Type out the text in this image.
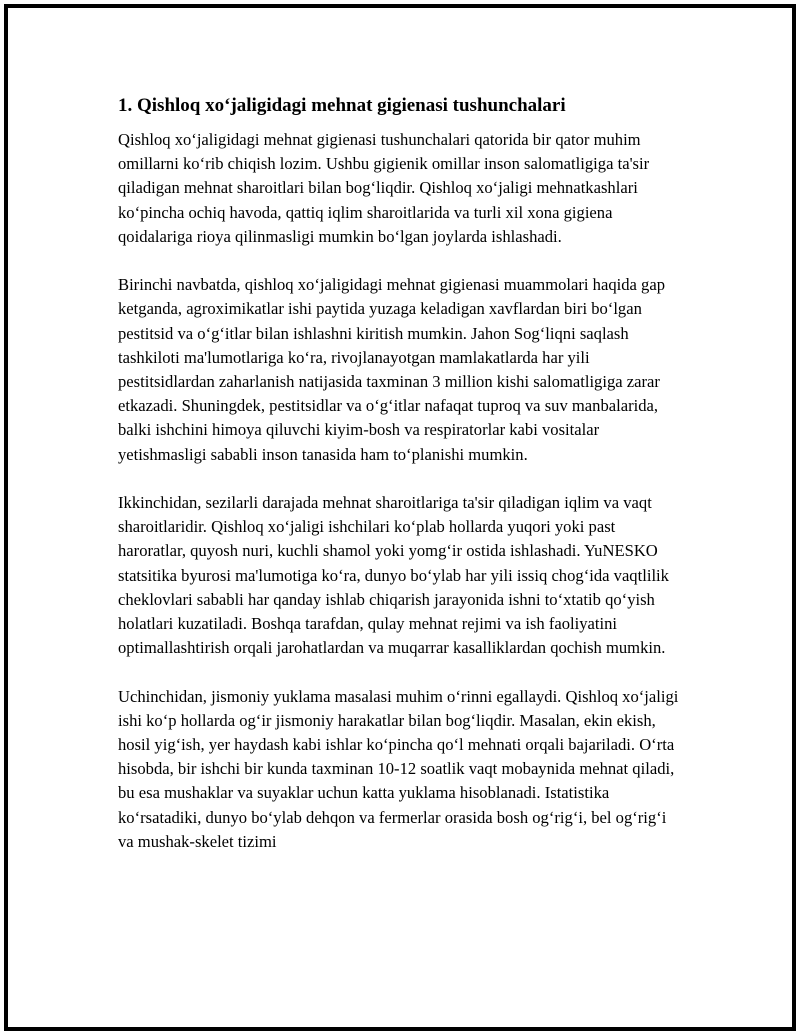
1. Qishloq xo‘jaligidagi mehnat gigienasi tushunchalari

Qishloq xo‘jaligidagi mehnat gigienasi tushunchalari qatorida bir qator muhim omillarni ko‘rib chiqish lozim. Ushbu gigienik omillar inson salomatligiga ta'sir qiladigan mehnat sharoitlari bilan bog‘liqdir. Qishloq xo‘jaligi mehnatkashlari ko‘pincha ochiq havoda, qattiq iqlim sharoitlarida va turli xil xona gigiena qoidalariga rioya qilinmasligi mumkin bo‘lgan joylarda ishlashadi.

Birinchi navbatda, qishloq xo‘jaligidagi mehnat gigienasi muammolari haqida gap ketganda, agroximikatlar ishi paytida yuzaga keladigan xavflardan biri bo‘lgan pestitsid va o‘g‘itlar bilan ishlashni kiritish mumkin. Jahon Sog‘liqni saqlash tashkiloti ma'lumotlariga ko‘ra, rivojlanayotgan mamlakatlarda har yili pestitsidlardan zaharlanish natijasida taxminan 3 million kishi salomatligiga zarar etkazadi. Shuningdek, pestitsidlar va o‘g‘itlar nafaqat tuproq va suv manbalarida, balki ishchini himoya qiluvchi kiyim-bosh va respiratorlar kabi vositalar yetishmasligi sababli inson tanasida ham to‘planishi mumkin.

Ikkinchidan, sezilarli darajada mehnat sharoitlariga ta'sir qiladigan iqlim va vaqt sharoitlaridir. Qishloq xo‘jaligi ishchilari ko‘plab hollarda yuqori yoki past haroratlar, quyosh nuri, kuchli shamol yoki yomg‘ir ostida ishlashadi. YuNESKO statsitika byurosi ma'lumotiga ko‘ra, dunyo bo‘ylab har yili issiq chog‘ida vaqtlilik cheklovlari sababli har qanday ishlab chiqarish jarayonida ishni to‘xtatib qo‘yish holatlari kuzatiladi. Boshqa tarafdan, qulay mehnat rejimi va ish faoliyatini optimallashtirish orqali jarohatlardan va muqarrar kasalliklardan qochish mumkin.

Uchinchidan, jismoniy yuklama masalasi muhim o‘rinni egallaydi. Qishloq xo‘jaligi ishi ko‘p hollarda og‘ir jismoniy harakatlar bilan bog‘liqdir. Masalan, ekin ekish, hosil yig‘ish, yer haydash kabi ishlar ko‘pincha qo‘l mehnati orqali bajariladi. O‘rta hisobda, bir ishchi bir kunda taxminan 10-12 soatlik vaqt mobaynida mehnat qiladi, bu esa mushaklar va suyaklar uchun katta yuklama hisoblanadi. Istatistika ko‘rsatadiki, dunyo bo‘ylab dehqon va fermerlar orasida bosh og‘rig‘i, bel og‘rig‘i va mushak-skelet tizimi
